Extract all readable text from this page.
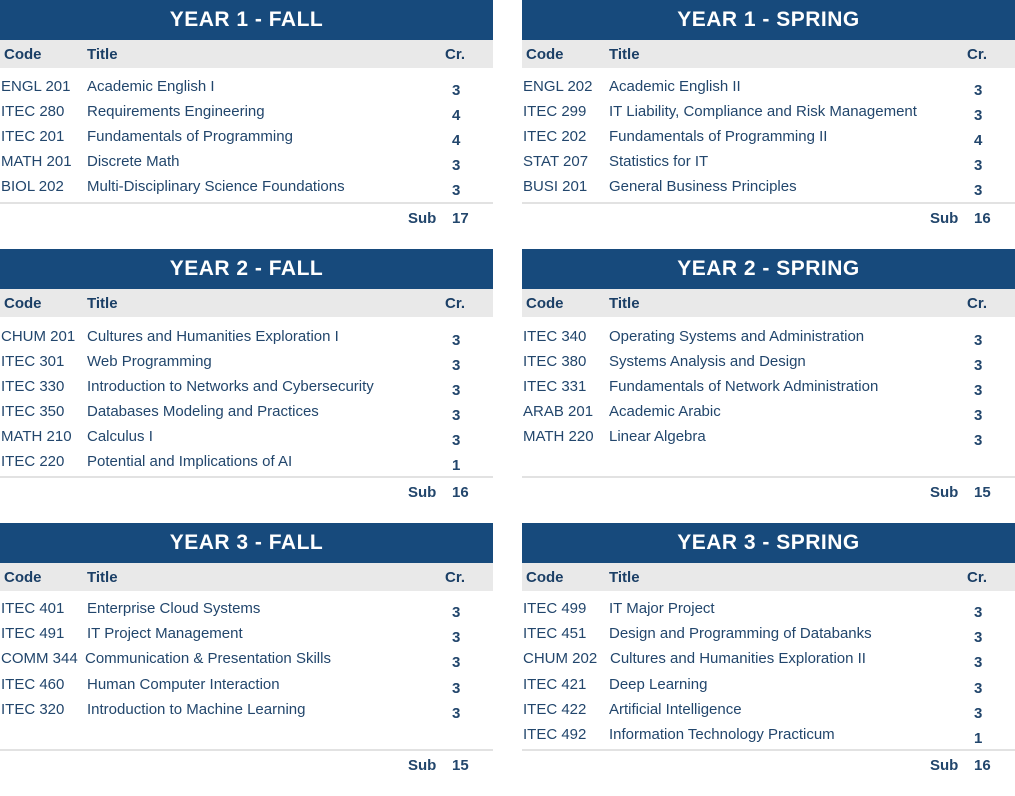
YEAR 1 - FALL
Code	Title	Cr.
ENGL 201 Academic English I	3
ITEC 280 Requirements Engineering	4
ITEC 201 Fundamentals of Programming	4
MATH 201 Discrete Math	3
BIOL 202 Multi-Disciplinary Science Foundations	3
Sub 17
YEAR 1 - SPRING
Code	Title	Cr.
ENGL 202 Academic English II	3
ITEC 299 IT Liability, Compliance and Risk Management	3
ITEC 202 Fundamentals of Programming II	4
STAT 207 Statistics for IT	3
BUSI 201 General Business Principles	3
Sub 16
YEAR 2 - FALL
Code	Title	Cr.
CHUM 201 Cultures and Humanities Exploration I	3
ITEC 301 Web Programming	3
ITEC 330 Introduction to Networks and Cybersecurity	3
ITEC 350 Databases Modeling and Practices	3
MATH 210 Calculus I	3
ITEC 220 Potential and Implications of AI	1
Sub 16
YEAR 2 - SPRING
Code	Title	Cr.
ITEC 340 Operating Systems and Administration	3
ITEC 380 Systems Analysis and Design	3
ITEC 331 Fundamentals of Network Administration	3
ARAB 201 Academic Arabic	3
MATH 220 Linear Algebra	3
Sub 15
YEAR 3 - FALL
Code	Title	Cr.
ITEC 401 Enterprise Cloud Systems	3
ITEC 491 IT Project Management	3
COMM 344 Communication & Presentation Skills	3
ITEC 460 Human Computer Interaction	3
ITEC 320 Introduction to Machine Learning	3
Sub 15
YEAR 3 - SPRING
Code	Title	Cr.
ITEC 499 IT Major Project	3
ITEC 451 Design and Programming of Databanks	3
CHUM 202 Cultures and Humanities Exploration II	3
ITEC 421 Deep Learning	3
ITEC 422 Artificial Intelligence	3
ITEC 492 Information Technology Practicum	1
Sub 16
